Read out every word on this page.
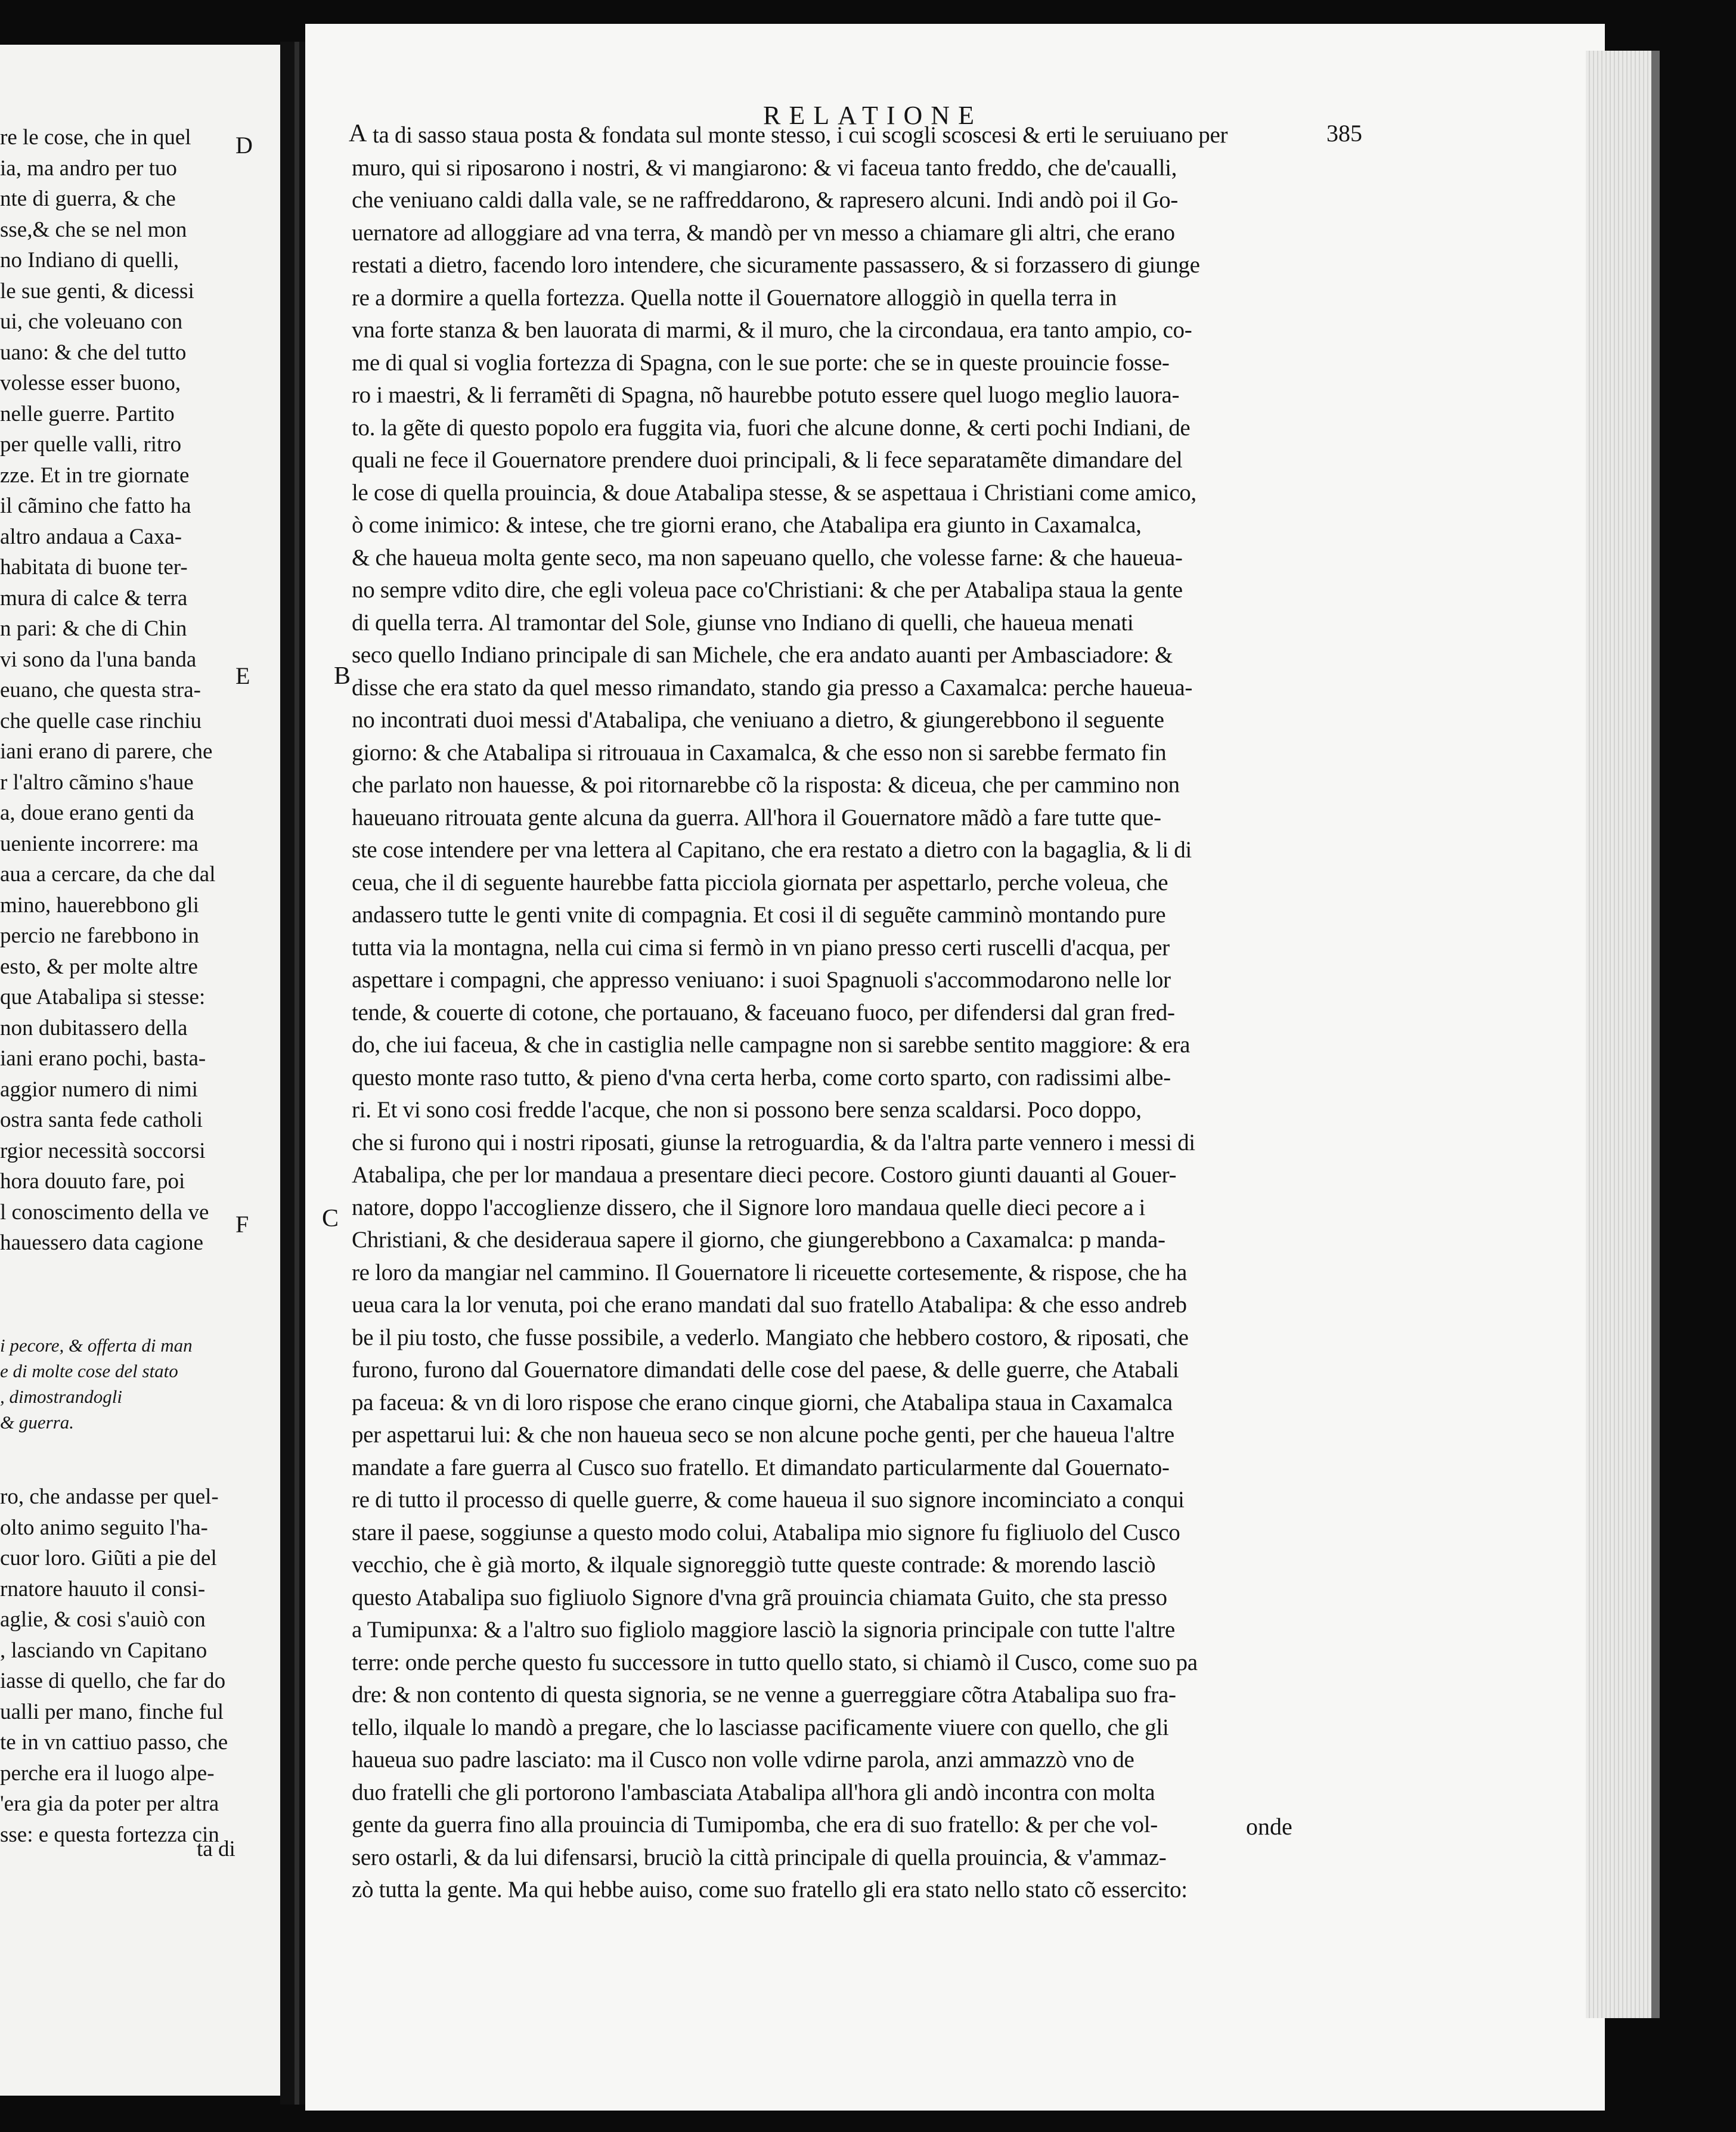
re le cose, che in quel
ia, ma andro per tuo
nte di guerra, & che
sse,& che se nel mon
no Indiano di quelli,
le sue genti, & dicessi
ui, che voleuano con
uano: & che del tutto
volesse esser buono,
nelle guerre. Partito
per quelle valli, ritro
zze. Et in tre giornate
il cãmino che fatto ha
altro andaua a Caxa-
habitata di buone ter-
mura di calce & terra
n pari: & che di Chin
vi sono da l'una banda
euano, che questa stra-
che quelle case rinchiu
iani erano di parere, che
r l'altro cãmino s'haue
a, doue erano genti da
ueniente incorrere: ma
aua a cercare, da che dal
mino, hauerebbono gli
percio ne farebbono in
esto, & per molte altre
que Atabalipa si stesse:
non dubitassero della
iani erano pochi, basta-
aggior numero di nimi
ostra santa fede catholi
rgior necessità soccorsi
hora douuto fare, poi
l conoscimento della ve
hauessero data cagione
D
E
F
i pecore, & offerta di man
e di molte cose del stato
, dimostrandogli
& guerra.
ro, che andasse per quel-
olto animo seguito l'ha-
cuor loro. Giũti a pie del
rnatore hauuto il consi-
aglie, & cosi s'auiò con
, lasciando vn Capitano
iasse di quello, che far do
ualli per mano, finche ful
te in vn cattiuo passo, che
perche era il luogo alpe-
'era gia da poter per altra
sse: e questa fortezza cin
ta di
RELATIONE
385
A
B
C
ta di sasso staua posta & fondata sul monte stesso, i cui scogli scoscesi & erti le seruiuano per
muro, qui si riposarono i nostri, & vi mangiarono: & vi faceua tanto freddo, che de'caualli,
che veniuano caldi dalla vale, se ne raffreddarono, & rapresero alcuni. Indi andò poi il Go-
uernatore ad alloggiare ad vna terra, & mandò per vn messo a chiamare gli altri, che erano
restati a dietro, facendo loro intendere, che sicuramente passassero, & si forzassero di giunge
re a dormire a quella fortezza. Quella notte il Gouernatore alloggiò in quella terra in
vna forte stanza & ben lauorata di marmi, & il muro, che la circondaua, era tanto ampio, co-
me di qual si voglia fortezza di Spagna, con le sue porte: che se in queste prouincie fosse-
ro i maestri, & li ferramẽti di Spagna, nõ haurebbe potuto essere quel luogo meglio lauora-
to. la gẽte di questo popolo era fuggita via, fuori che alcune donne, & certi pochi Indiani, de
quali ne fece il Gouernatore prendere duoi principali, & li fece separatamẽte dimandare del
le cose di quella prouincia, & doue Atabalipa stesse, & se aspettaua i Christiani come amico,
ò come inimico: & intese, che tre giorni erano, che Atabalipa era giunto in Caxamalca,
& che haueua molta gente seco, ma non sapeuano quello, che volesse farne: & che haueua-
no sempre vdito dire, che egli voleua pace co'Christiani: & che per Atabalipa staua la gente
di quella terra. Al tramontar del Sole, giunse vno Indiano di quelli, che haueua menati
seco quello Indiano principale di san Michele, che era andato auanti per Ambasciadore: &
disse che era stato da quel messo rimandato, stando gia presso a Caxamalca: perche haueua-
no incontrati duoi messi d'Atabalipa, che veniuano a dietro, & giungerebbono il seguente
giorno: & che Atabalipa si ritrouaua in Caxamalca, & che esso non si sarebbe fermato fin
che parlato non hauesse, & poi ritornarebbe cõ la risposta: & diceua, che per cammino non
haueuano ritrouata gente alcuna da guerra. All'hora il Gouernatore mãdò a fare tutte que-
ste cose intendere per vna lettera al Capitano, che era restato a dietro con la bagaglia, & li di
ceua, che il di seguente haurebbe fatta picciola giornata per aspettarlo, perche voleua, che
andassero tutte le genti vnite di compagnia. Et cosi il di seguẽte camminò montando pure
tutta via la montagna, nella cui cima si fermò in vn piano presso certi ruscelli d'acqua, per
aspettare i compagni, che appresso veniuano: i suoi Spagnuoli s'accommodarono nelle lor
tende, & couerte di cotone, che portauano, & faceuano fuoco, per difendersi dal gran fred-
do, che iui faceua, & che in castiglia nelle campagne non si sarebbe sentito maggiore: & era
questo monte raso tutto, & pieno d'vna certa herba, come corto sparto, con radissimi albe-
ri. Et vi sono cosi fredde l'acque, che non si possono bere senza scaldarsi. Poco doppo,
che si furono qui i nostri riposati, giunse la retroguardia, & da l'altra parte vennero i messi di
Atabalipa, che per lor mandaua a presentare dieci pecore. Costoro giunti dauanti al Gouer-
natore, doppo l'accoglienze dissero, che il Signore loro mandaua quelle dieci pecore a i
Christiani, & che desideraua sapere il giorno, che giungerebbono a Caxamalca: p manda-
re loro da mangiar nel cammino. Il Gouernatore li riceuette cortesemente, & rispose, che ha
ueua cara la lor venuta, poi che erano mandati dal suo fratello Atabalipa: & che esso andreb
be il piu tosto, che fusse possibile, a vederlo. Mangiato che hebbero costoro, & riposati, che
furono, furono dal Gouernatore dimandati delle cose del paese, & delle guerre, che Atabali
pa faceua: & vn di loro rispose che erano cinque giorni, che Atabalipa staua in Caxamalca
per aspettarui lui: & che non haueua seco se non alcune poche genti, per che haueua l'altre
mandate a fare guerra al Cusco suo fratello. Et dimandato particularmente dal Gouernato-
re di tutto il processo di quelle guerre, & come haueua il suo signore incominciato a conqui
stare il paese, soggiunse a questo modo colui, Atabalipa mio signore fu figliuolo del Cusco
vecchio, che è già morto, & ilquale signoreggiò tutte queste contrade: & morendo lasciò
questo Atabalipa suo figliuolo Signore d'vna grã prouincia chiamata Guito, che sta presso
a Tumipunxa: & a l'altro suo figliolo maggiore lasciò la signoria principale con tutte l'altre
terre: onde perche questo fu successore in tutto quello stato, si chiamò il Cusco, come suo pa
dre: & non contento di questa signoria, se ne venne a guerreggiare cõtra Atabalipa suo fra-
tello, ilquale lo mandò a pregare, che lo lasciasse pacificamente viuere con quello, che gli
haueua suo padre lasciato: ma il Cusco non volle vdirne parola, anzi ammazzò vno de
duo fratelli che gli portorono l'ambasciata Atabalipa all'hora gli andò incontra con molta
gente da guerra fino alla prouincia di Tumipomba, che era di suo fratello: & per che vol-
sero ostarli, & da lui difensarsi, bruciò la città principale di quella prouincia, & v'ammaz-
zò tutta la gente. Ma qui hebbe auiso, come suo fratello gli era stato nello stato cõ essercito:
onde
